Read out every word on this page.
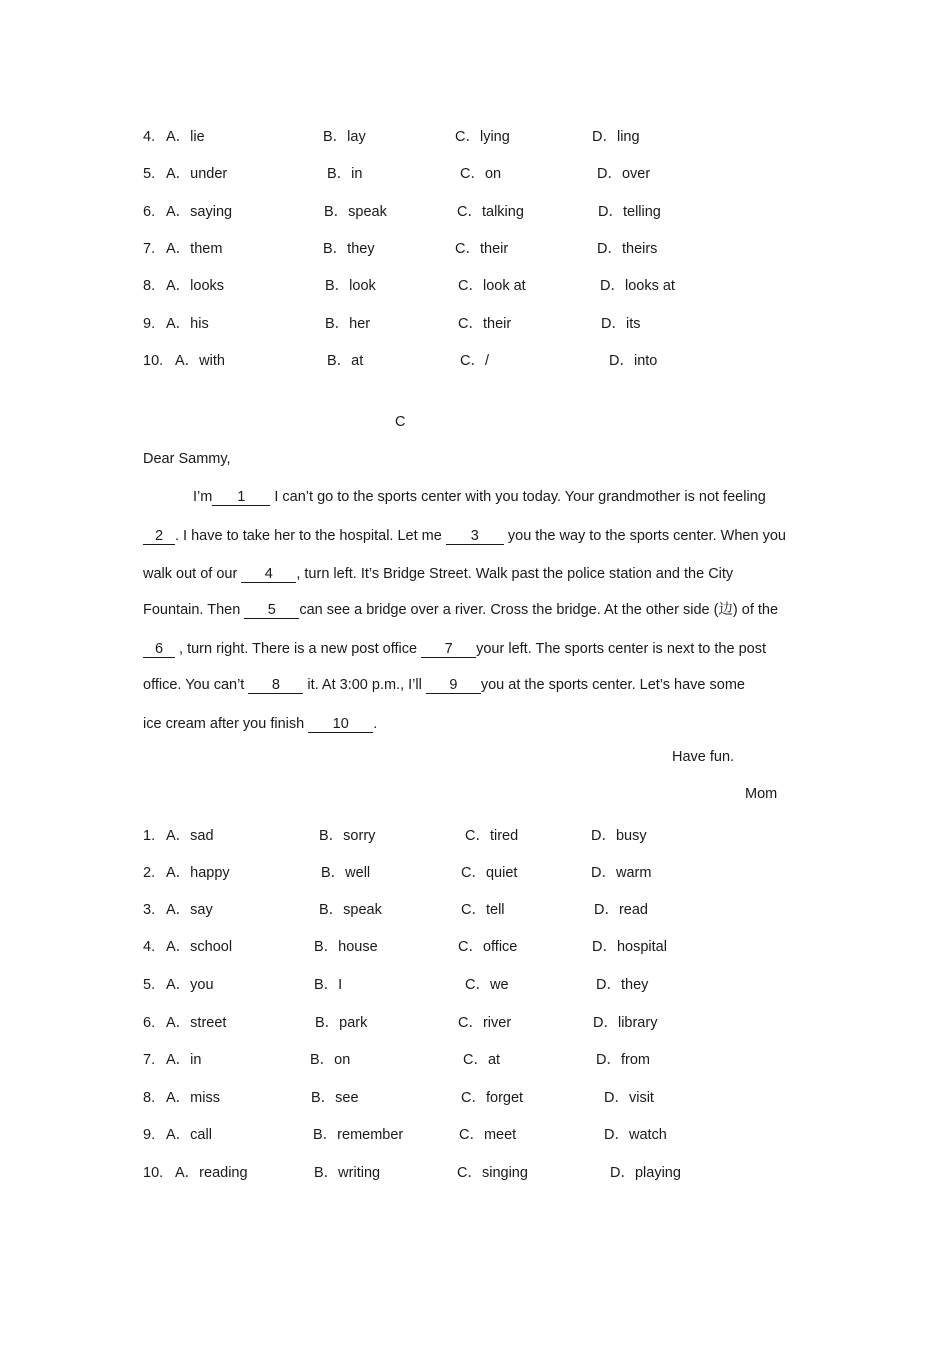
4. A．lie	B．lay	C．lying	D．ling
5. A．under	B．in	C．on	D．over
6. A．saying	B．speak	C．talking	D．telling
7. A．them	B．they	C．their	D．theirs
8. A．looks	B．look	C．look at	D．looks at
9. A．his	B．her	C．their	D．its
10. A．with	B．at	C．/	D．into
C
Dear Sammy,
I’m 1 I can’t go to the sports center with you today. Your grandmother is not feeling
2 . I have to take her to the hospital. Let me 3 you the way to the sports center. When you
walk out of our 4 , turn left. It’s Bridge Street. Walk past the police station and the City
Fountain. Then 5 can see a bridge over a river. Cross the bridge. At the other side (边) of the
6 , turn right. There is a new post office 7 your left. The sports center is next to the post
office. You can’t 8 it. At 3:00 p.m., I’ll 9 you at the sports center. Let’s have some
ice cream after you finish 10 .
Have fun.
Mom
1. A．sad	B．sorry	C．tired	D．busy
2. A．happy	B．well	C．quiet	D．warm
3. A．say	B．speak	C．tell	D．read
4. A．school	B．house	C．office	D．hospital
5. A．you	B．I	C．we	D．they
6. A．street	B．park	C．river	D．library
7. A．in	B．on	C．at	D．from
8. A．miss	B．see	C．forget	D．visit
9. A．call	B．remember	C．meet	D．watch
10. A．reading	B．writing	C．singing	D．playing
